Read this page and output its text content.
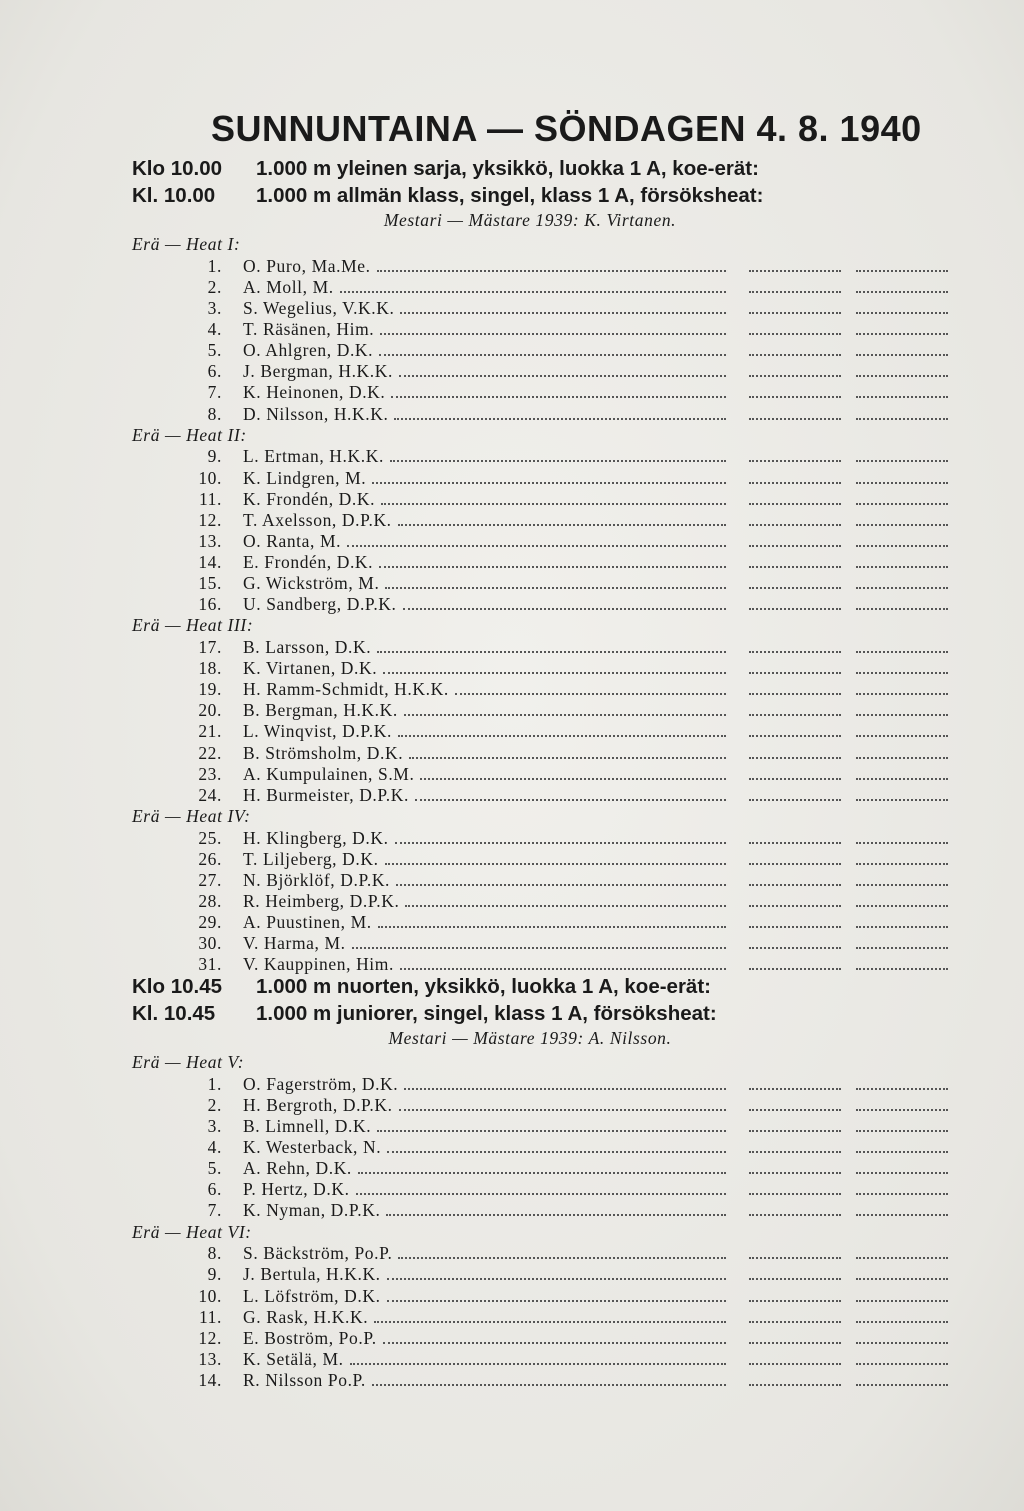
SUNNUNTAINA — SÖNDAGEN 4. 8. 1940
Klo 10.00 1.000 m yleinen sarja, yksikkö, luokka 1 A, koe-erät:
Kl. 10.00 1.000 m allmän klass, singel, klass 1 A, försöksheat:
Mestari — Mästare 1939: K. Virtanen.
Erä — Heat I:
1. O. Puro, Ma.Me.
2. A. Moll, M.
3. S. Wegelius, V.K.K.
4. T. Räsänen, Him.
5. O. Ahlgren, D.K.
6. J. Bergman, H.K.K.
7. K. Heinonen, D.K.
8. D. Nilsson, H.K.K.
Erä — Heat II:
9. L. Ertman, H.K.K.
10. K. Lindgren, M.
11. K. Frondén, D.K.
12. T. Axelsson, D.P.K.
13. O. Ranta, M.
14. E. Frondén, D.K.
15. G. Wickström, M.
16. U. Sandberg, D.P.K.
Erä — Heat III:
17. B. Larsson, D.K.
18. K. Virtanen, D.K.
19. H. Ramm-Schmidt, H.K.K.
20. B. Bergman, H.K.K.
21. L. Winqvist, D.P.K.
22. B. Strömsholm, D.K.
23. A. Kumpulainen, S.M.
24. H. Burmeister, D.P.K.
Erä — Heat IV:
25. H. Klingberg, D.K.
26. T. Liljeberg, D.K.
27. N. Björklöf, D.P.K.
28. R. Heimberg, D.P.K.
29. A. Puustinen, M.
30. V. Harma, M.
31. V. Kauppinen, Him.
Klo 10.45 1.000 m nuorten, yksikkö, luokka 1 A, koe-erät:
Kl. 10.45 1.000 m juniorer, singel, klass 1 A, försöksheat:
Mestari — Mästare 1939: A. Nilsson.
Erä — Heat V:
1. O. Fagerström, D.K.
2. H. Bergroth, D.P.K.
3. B. Limnell, D.K.
4. K. Westerback, N.
5. A. Rehn, D.K.
6. P. Hertz, D.K.
7. K. Nyman, D.P.K.
Erä — Heat VI:
8. S. Bäckström, Po.P.
9. J. Bertula, H.K.K.
10. L. Löfström, D.K.
11. G. Rask, H.K.K.
12. E. Boström, Po.P.
13. K. Setälä, M.
14. R. Nilsson Po.P.
